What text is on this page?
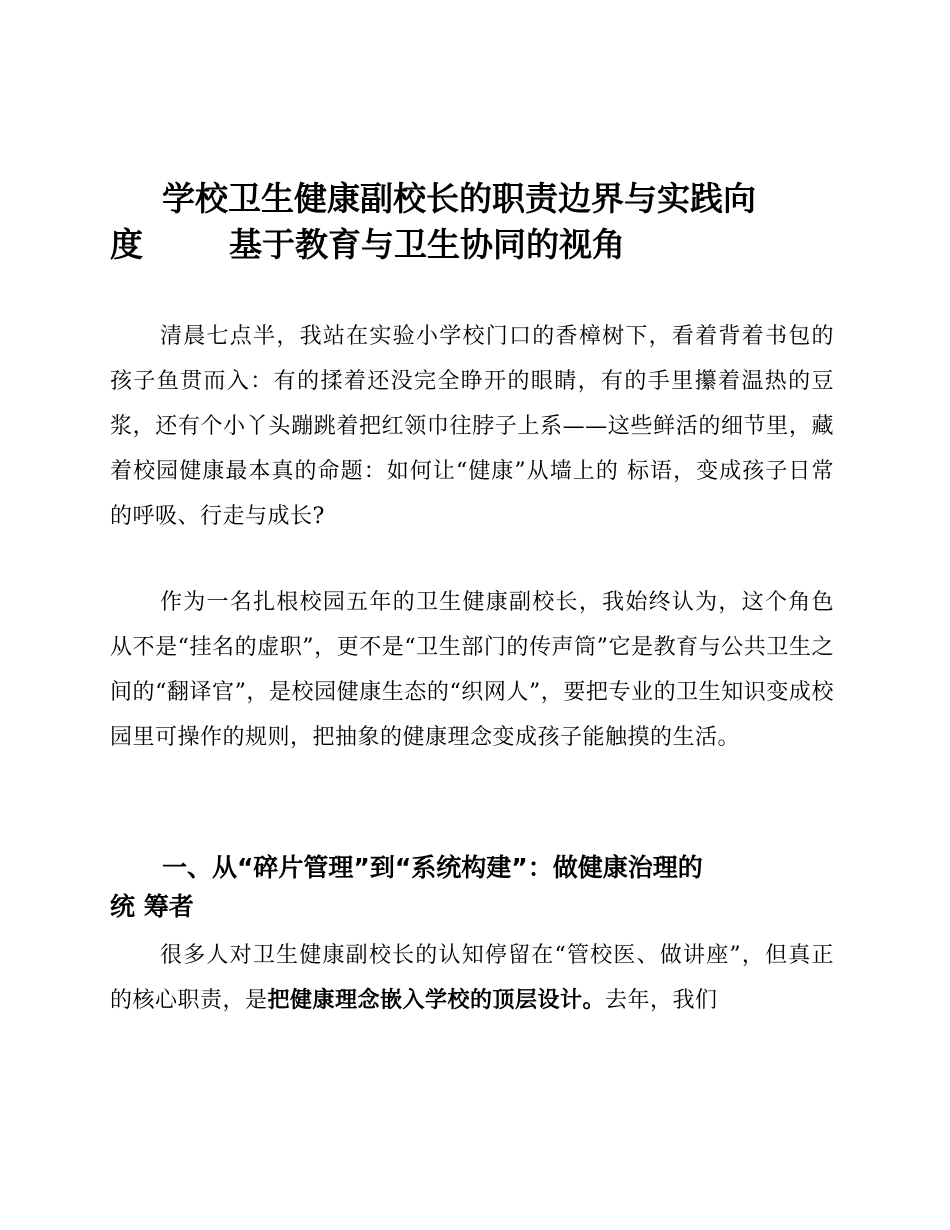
学校卫生健康副校长的职责边界与实践向
度	基于教育与卫生协同的视角

清晨七点半，我站在实验小学校门口的香樟树下，看着背着书包的孩子鱼贯而入：有的揉着还没完全睁开的眼睛，有的手里攥着温热的豆浆，还有个小丫头蹦跳着把红领巾往脖子上系——这些鲜活的细节里，藏着校园健康最本真的命题：如何让“健康”从墙上的 标语，变成孩子日常的呼吸、行走与成长?

作为一名扎根校园五年的卫生健康副校长，我始终认为，这个角色从不是“挂名的虚职”，更不是“卫生部门的传声筒”它是教育与公共卫生之间的“翻译官”，是校园健康生态的“织网人”，要把专业的卫生知识变成校园里可操作的规则，把抽象的健康理念变成孩子能触摸的生活。

一、从“碎片管理”到“系统构建”：做健康治理的
统 筹者

很多人对卫生健康副校长的认知停留在“管校医、做讲座”，但真正的核心职责，是把健康理念嵌入学校的顶层设计。去年，我们
